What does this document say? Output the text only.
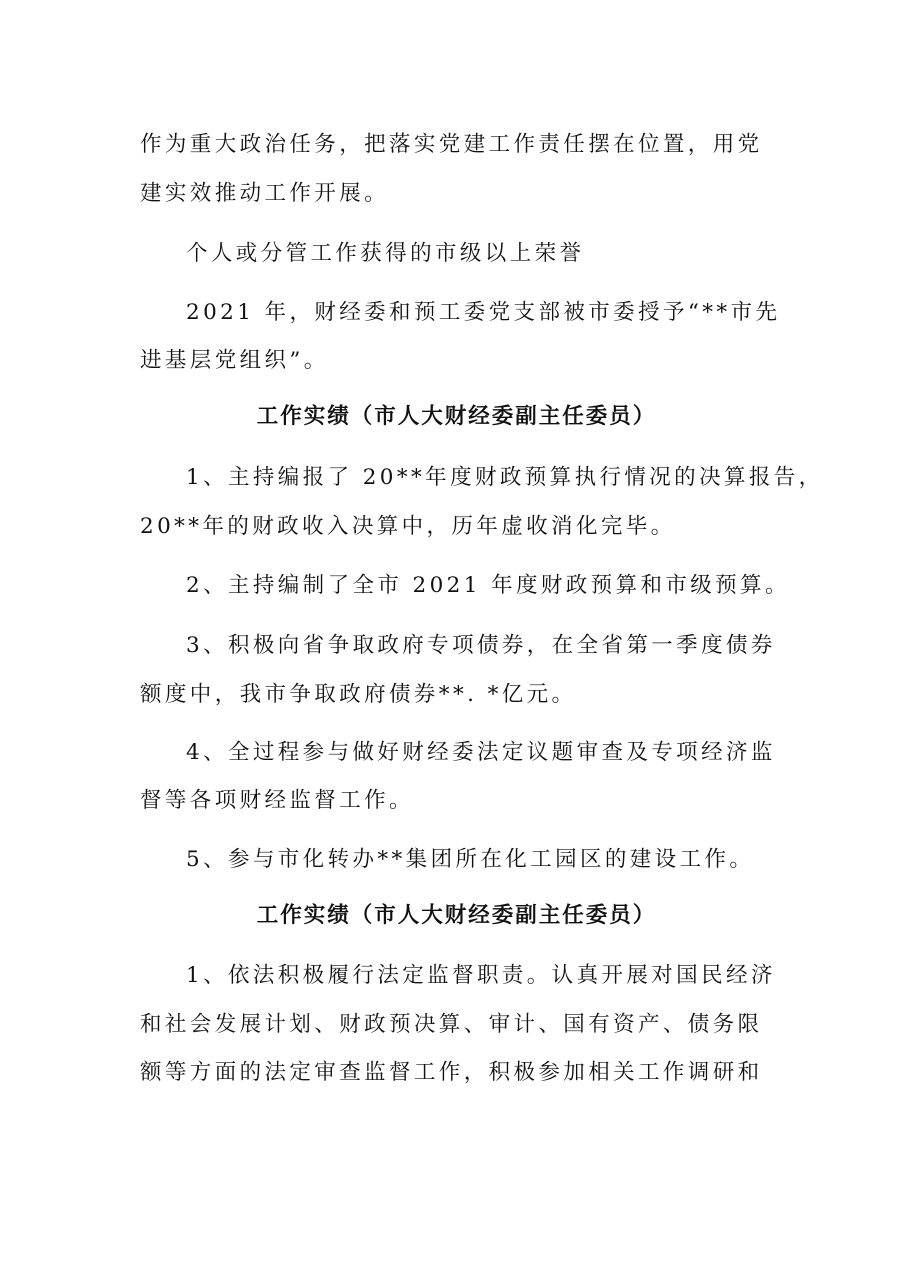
作为重大政治任务，把落实党建工作责任摆在位置，用党
建实效推动工作开展。
个人或分管工作获得的市级以上荣誉
2021 年，财经委和预工委党支部被市委授予“**市先
进基层党组织”。
工作实绩（市人大财经委副主任委员）
1、主持编报了 20**年度财政预算执行情况的决算报告，
20**年的财政收入决算中，历年虚收消化完毕。
2、主持编制了全市 2021 年度财政预算和市级预算。
3、积极向省争取政府专项债券，在全省第一季度债券
额度中，我市争取政府债券**. *亿元。
4、全过程参与做好财经委法定议题审查及专项经济监
督等各项财经监督工作。
5、参与市化转办**集团所在化工园区的建设工作。
工作实绩（市人大财经委副主任委员）
1、依法积极履行法定监督职责。认真开展对国民经济
和社会发展计划、财政预决算、审计、国有资产、债务限
额等方面的法定审查监督工作，积极参加相关工作调研和
